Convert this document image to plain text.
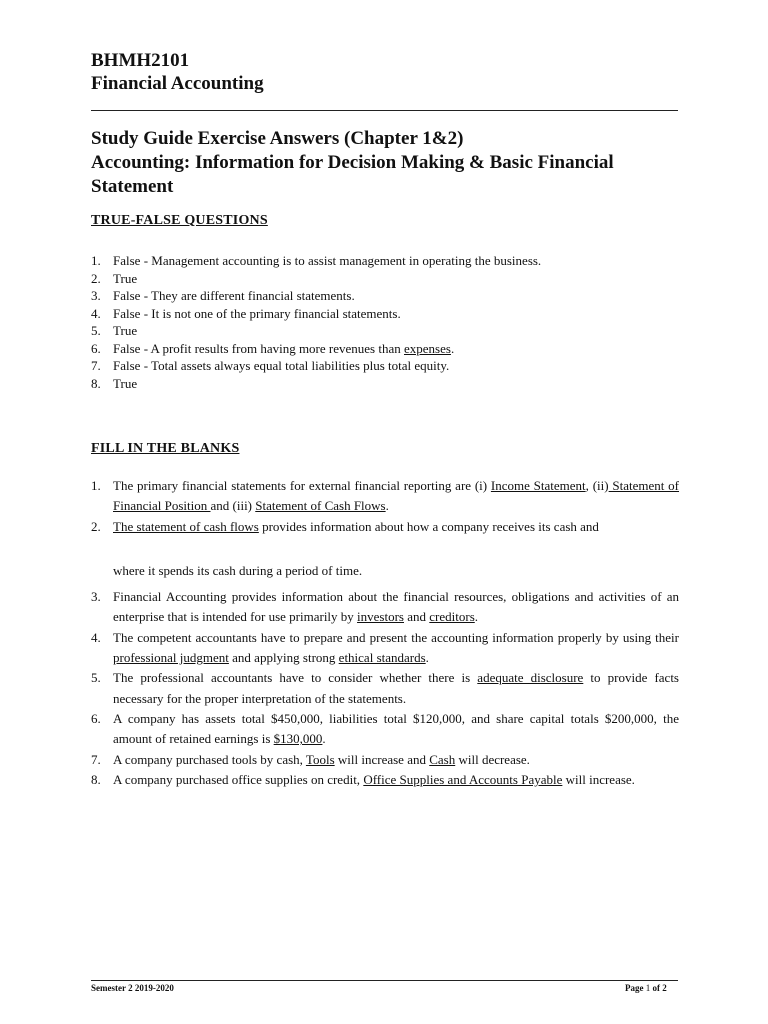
BHMH2101
Financial Accounting
Study Guide Exercise Answers (Chapter 1&2)
Accounting: Information for Decision Making & Basic Financial
Statement
TRUE-FALSE QUESTIONS
1. False - Management accounting is to assist management in operating the business.
2. True
3. False - They are different financial statements.
4. False - It is not one of the primary financial statements.
5. True
6. False - A profit results from having more revenues than expenses.
7. False - Total assets always equal total liabilities plus total equity.
8. True
FILL IN THE BLANKS
1. The primary financial statements for external financial reporting are (i) Income Statement, (ii) Statement of Financial Position and (iii) Statement of Cash Flows.
2. The statement of cash flows provides information about how a company receives its cash and
where it spends its cash during a period of time.
3. Financial Accounting provides information about the financial resources, obligations and activities of an enterprise that is intended for use primarily by investors and creditors.
4. The competent accountants have to prepare and present the accounting information properly by using their professional judgment and applying strong ethical standards.
5. The professional accountants have to consider whether there is adequate disclosure to provide facts necessary for the proper interpretation of the statements.
6. A company has assets total $450,000, liabilities total $120,000, and share capital totals $200,000, the amount of retained earnings is $130,000.
7. A company purchased tools by cash, Tools will increase and Cash will decrease.
8. A company purchased office supplies on credit, Office Supplies and Accounts Payable will increase.
Semester 2 2019-2020	Page 1 of 2
